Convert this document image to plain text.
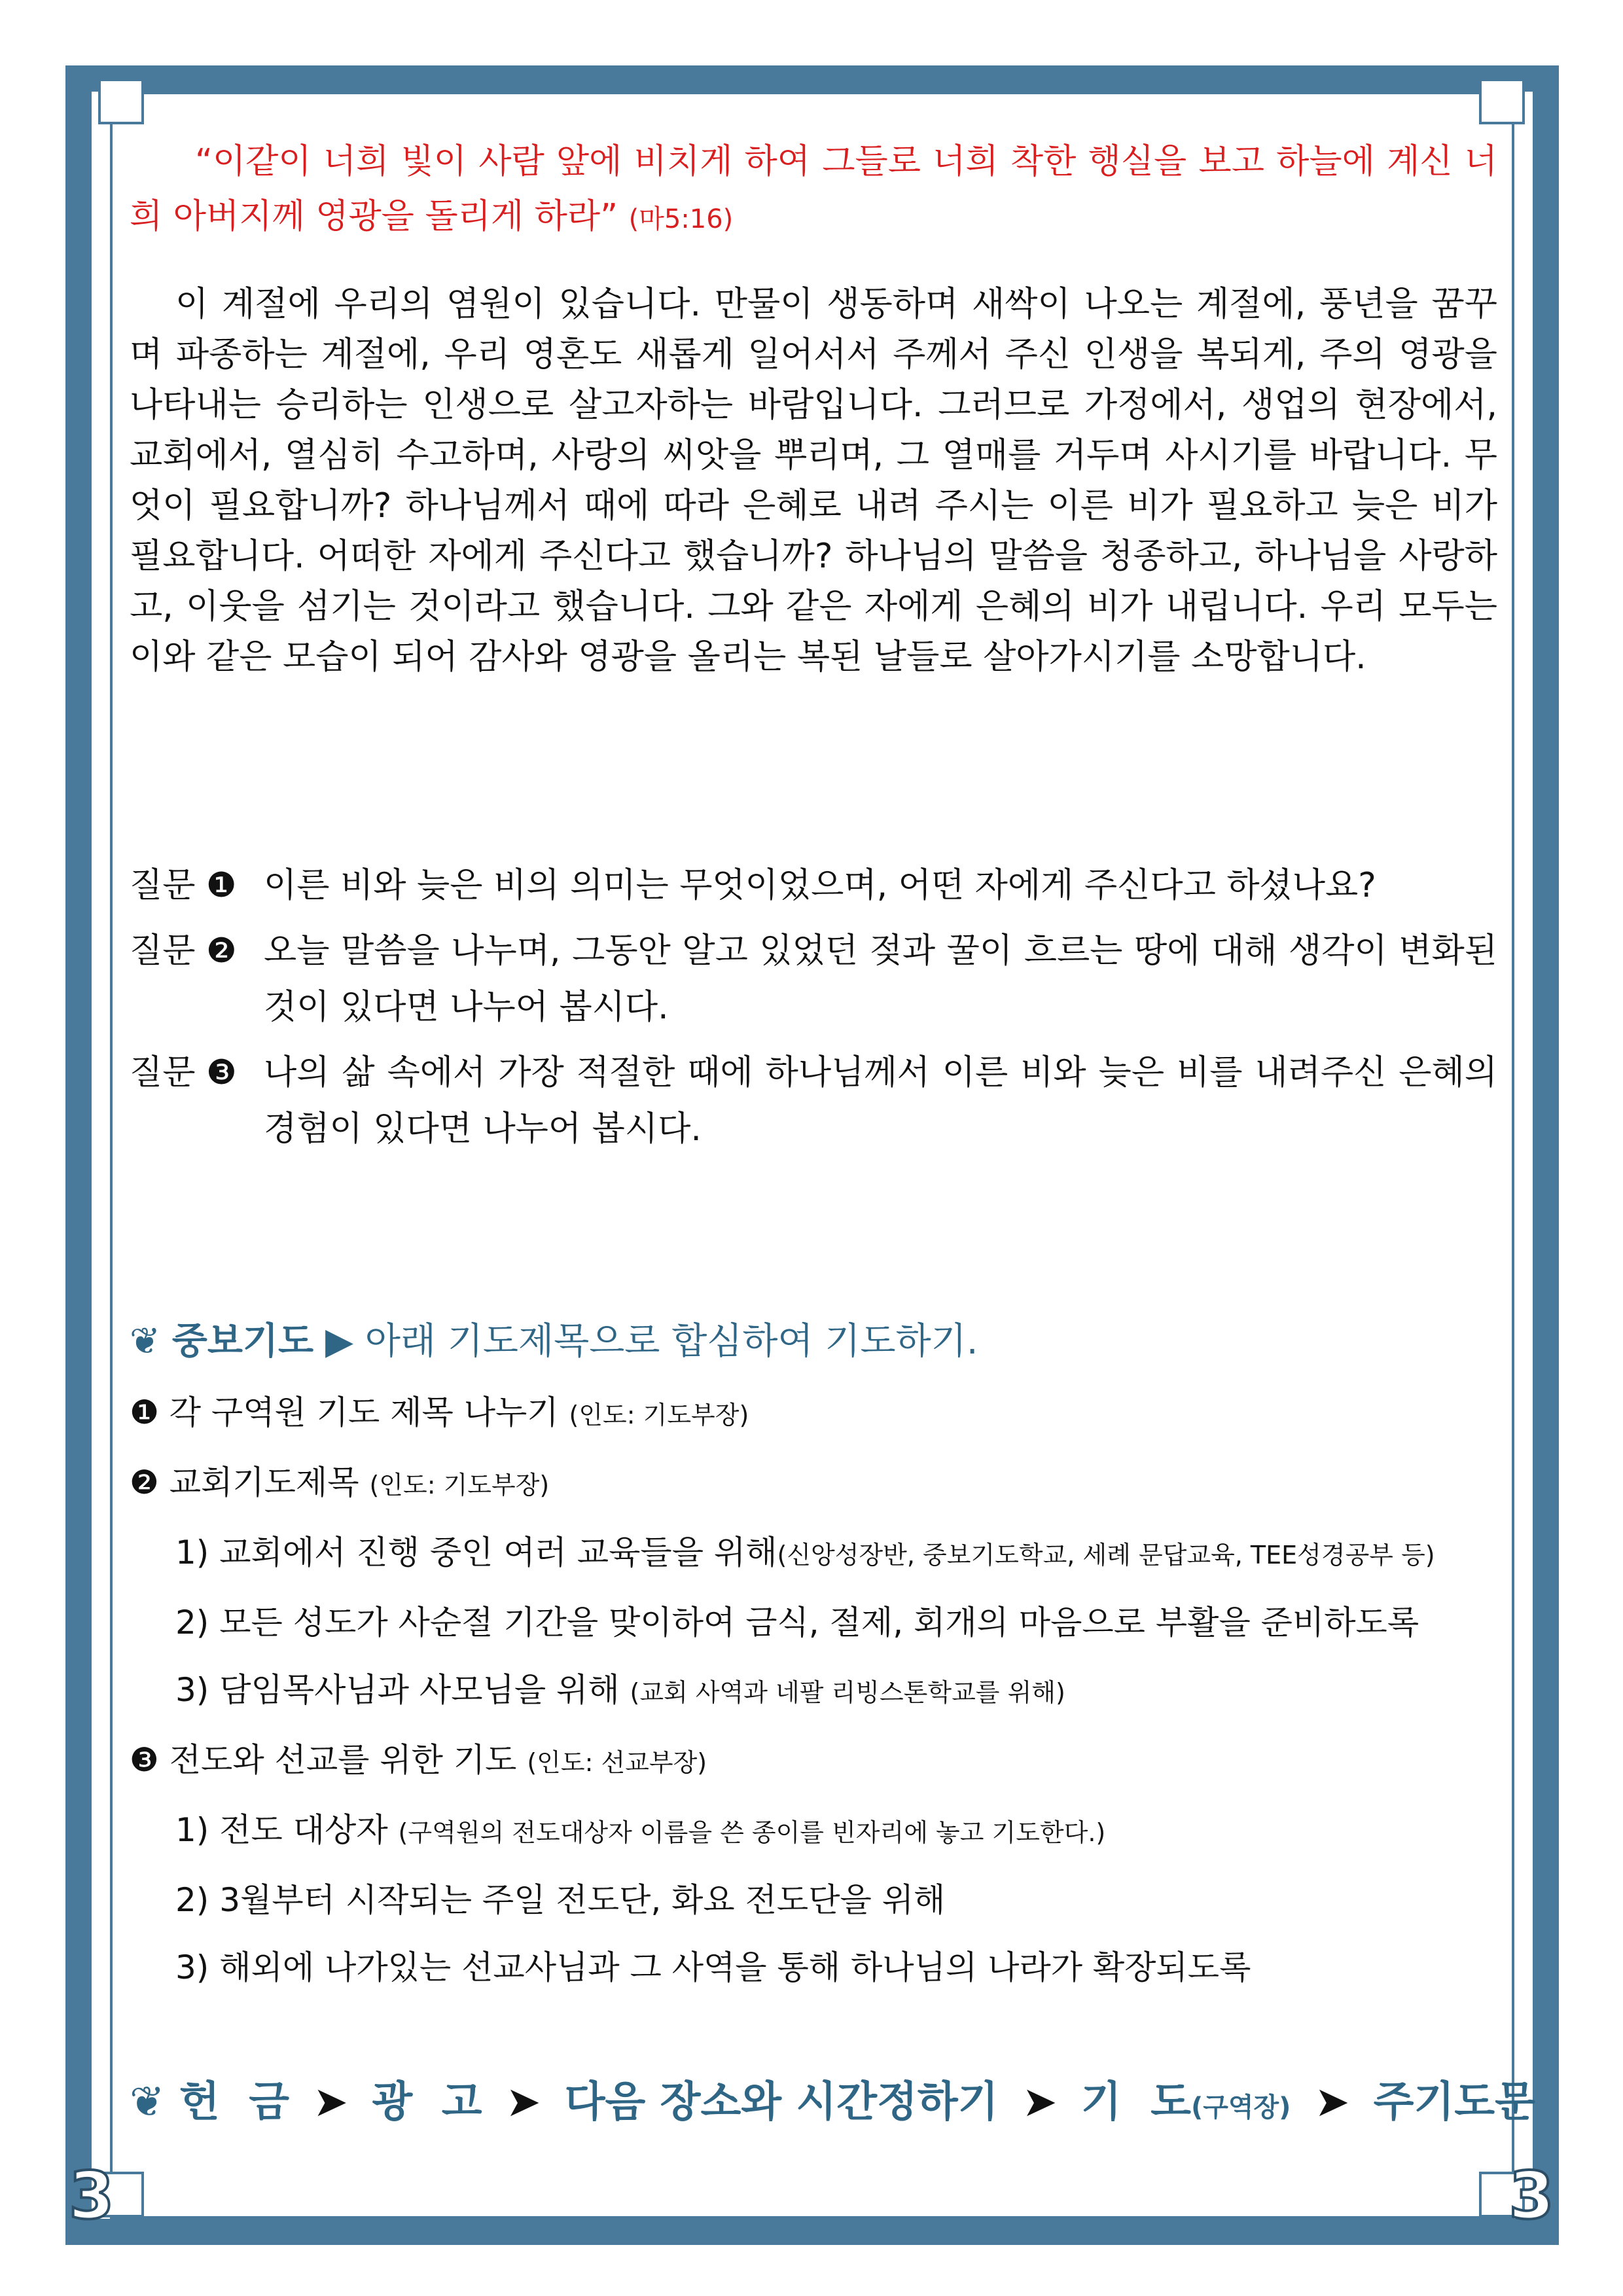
3	3

“이같이 너희 빛이 사람 앞에 비치게 하여 그들로 너희 착한 행실을 보고 하늘에 계신 너희 아버지께 영광을 돌리게 하라” (마5:16)

이 계절에 우리의 염원이 있습니다. 만물이 생동하며 새싹이 나오는 계절에, 풍년을 꿈꾸며 파종하는 계절에, 우리 영혼도 새롭게 일어서서 주께서 주신 인생을 복되게, 주의 영광을 나타내는 승리하는 인생으로 살고자하는 바람입니다. 그러므로 가정에서, 생업의 현장에서, 교회에서, 열심히 수고하며, 사랑의 씨앗을 뿌리며, 그 열매를 거두며 사시기를 바랍니다. 무엇이 필요합니까? 하나님께서 때에 따라 은혜로 내려 주시는 이른 비가 필요하고 늦은 비가 필요합니다. 어떠한 자에게 주신다고 했습니까? 하나님의 말씀을 청종하고, 하나님을 사랑하고, 이웃을 섬기는 것이라고 했습니다. 그와 같은 자에게 은혜의 비가 내립니다. 우리 모두는 이와 같은 모습이 되어 감사와 영광을 올리는 복된 날들로 살아가시기를 소망합니다.

질문 ❶ 이른 비와 늦은 비의 의미는 무엇이었으며, 어떤 자에게 주신다고 하셨나요?
질문 ❷ 오늘 말씀을 나누며, 그동안 알고 있었던 젖과 꿀이 흐르는 땅에 대해 생각이 변화된 것이 있다면 나누어 봅시다.
질문 ❸ 나의 삶 속에서 가장 적절한 때에 하나님께서 이른 비와 늦은 비를 내려주신 은혜의 경험이 있다면 나누어 봅시다.
❦ 중보기도 ▶ 아래 기도제목으로 합심하여 기도하기.
❶ 각 구역원 기도 제목 나누기 (인도: 기도부장)
❷ 교회기도제목 (인도: 기도부장)
1) 교회에서 진행 중인 여러 교육들을 위해(신앙성장반, 중보기도학교, 세례 문답교육, TEE성경공부 등)
2) 모든 성도가 사순절 기간을 맞이하여 금식, 절제, 회개의 마음으로 부활을 준비하도록
3) 담임목사님과 사모님을 위해 (교회 사역과 네팔 리빙스톤학교를 위해)
❸ 전도와 선교를 위한 기도 (인도: 선교부장)
1) 전도 대상자 (구역원의 전도대상자 이름을 쓴 종이를 빈자리에 놓고 기도한다.)
2) 3월부터 시작되는 주일 전도단, 화요 전도단을 위해
3) 해외에 나가있는 선교사님과 그 사역을 통해 하나님의 나라가 확장되도록
❦ 헌  금 ➤ 광  고 ➤ 다음 장소와 시간정하기 ➤ 기  도(구역장) ➤ 주기도문
